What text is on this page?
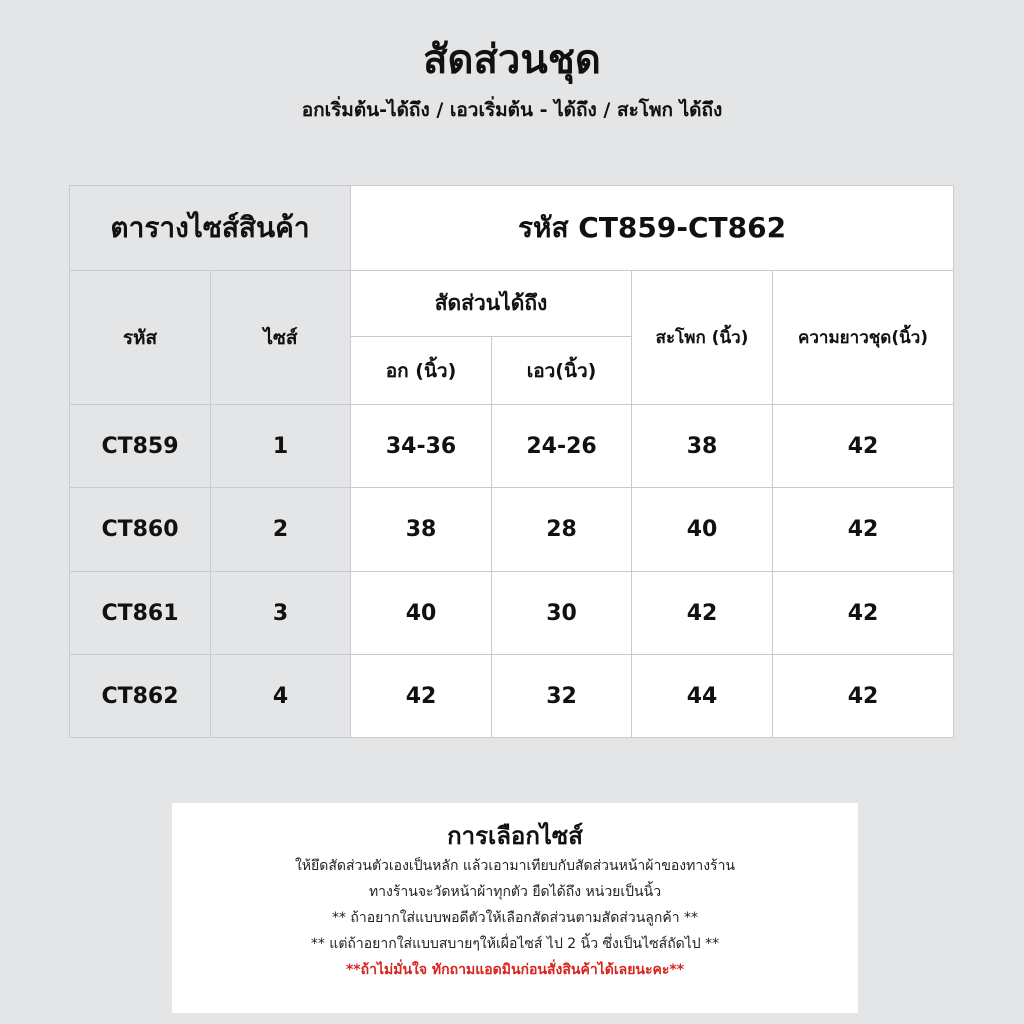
สัดส่วนชุด
อกเริ่มต้น-ได้ถึง / เอวเริ่มต้น - ได้ถึง / สะโพก ได้ถึง
ตารางไซส์สินค้า		รหัส CT859-CT862			
รหัส	ไซส์	สัดส่วนได้ถึง		สะโพก (นิ้ว)	ความยาวชุด(นิ้ว)
		อก (นิ้ว)	เอว(นิ้ว)		
CT859	1	34-36	24-26	38	42
CT860	2	38	28	40	42
CT861	3	40	30	42	42
CT862	4	42	32	44	42
การเลือกไซส์
ให้ยึดสัดส่วนตัวเองเป็นหลัก แล้วเอามาเทียบกับสัดส่วนหน้าผ้าของทางร้าน
ทางร้านจะวัดหน้าผ้าทุกตัว ยืดได้ถึง หน่วยเป็นนิ้ว
** ถ้าอยากใส่แบบพอดีตัวให้เลือกสัดส่วนตามสัดส่วนลูกค้า **
** แต่ถ้าอยากใส่แบบสบายๆให้เผื่อไซส์ ไป 2 นิ้ว ซึ่งเป็นไซส์ถัดไป **
**ถ้าไม่มั่นใจ ทักถามแอดมินก่อนสั่งสินค้าได้เลยนะคะ**
